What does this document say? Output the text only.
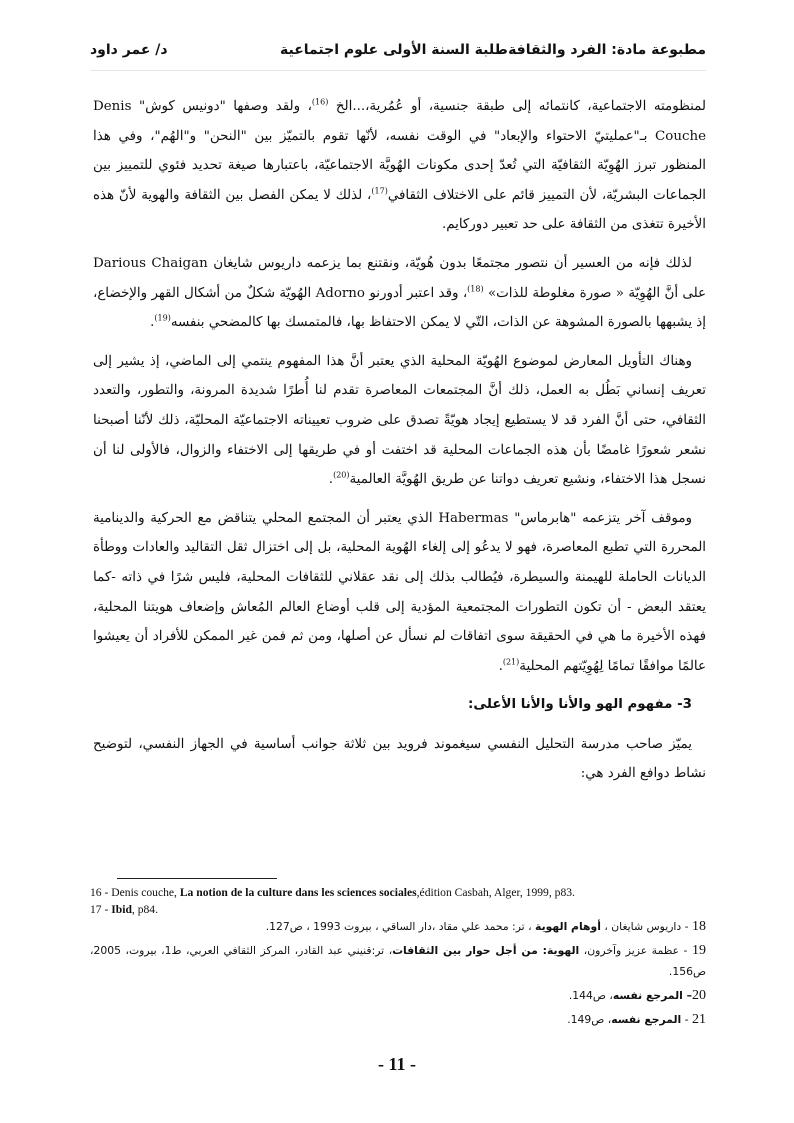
مطبوعة مادة: الفرد والثقافة
طلبة السنة الأولى علوم اجتماعية
د/ عمر داود

لمنظومته الاجتماعية، كانتمائه إلى طبقة جنسية، أو عُمُرية،...الخ $^{(16)}$، ولقد وصفها "دونيس كوش" Denis Couche بـ"عمليتيّ الاحتواء والإبعاد" في الوقت نفسه، لأنّها تقوم بالتميّز بين "النحن" و"الهُم"، وفي هذا المنظور تبرز الهُوِيّة الثقافيّة التي تُعدّ إحدى مكونات الهُويَّة الاجتماعيّة، باعتبارها صيغة تحديد فئوي للتمييز بين الجماعات البشريّة، لأن التمييز قائم على الاختلاف الثقافي$^{(17)}$، لذلك لا يمكن الفصل بين الثقافة والهوية لأنّ هذه الأخيرة تتغذى من الثقافة على حد تعبير دوركايم.

لذلك فإنه من العسير أن نتصور مجتمعًا بدون هُويّة، ونقتنع بما يزعمه داريوس شايغان Darious Chaigan على أنَّ الهُوِيّة « صورة مغلوطة للذات» $^{(18)}$، وقد اعتبر أدورنو Adorno الهُويّة شكلٌ من أشكال القهر والإخضاع، إذ يشبهها بالصورة المشوهة عن الذات، التّي لا يمكن الاحتفاظ بها، فالمتمسك بها كالمضحي بنفسه$^{(19)}$.

وهناك التأويل المعارض لموضوع الهُويّة المحلية الذي يعتبر أنَّ هذا المفهوم ينتمي إلى الماضي، إذ يشير إلى تعريف إنساني بَطُل به العمل، ذلك أنَّ المجتمعات المعاصرة تقدم لنا أُطرًا شديدة المرونة، والتطور، والتعدد الثقافي، حتى أنَّ الفرد قد لا يستطيع إيجاد هويّةً تصدق على ضروب تعييناته الاجتماعيّة المحليّة، ذلك لأنّنا أصبحنا نشعر شعورًا غامضًا بأن هذه الجماعات المحلية قد اختفت أو في طريقها إلى الاختفاء والزوال، فالأولى لنا أن نسجل هذا الاختفاء، ونشيع تعريف دواتنا عن طريق الهُويَّة العالمية$^{(20)}$.

وموقف آخر يتزعمه "هابرماس" Habermas الذي يعتبر أن المجتمع المحلي يتناقض مع الحركية والدينامية المحررة التي تطبع المعاصرة، فهو لا يدعُو إلى إلغاء الهُوية المحلية، بل إلى اختزال ثقل التقاليد والعادات ووطأة الديانات الحاملة للهيمنة والسيطرة، فيُطالب بذلك إلى نقد عقلاني للثقافات المحلية، فليس شرًا في ذاته -كما يعتقد البعض - أن تكون التطورات المجتمعية المؤدية إلى قلب أوضاع العالم المُعاش وإضعاف هويتنا المحلية، فهذه الأخيرة ما هي في الحقيقة سوى اتفاقات لم نسأل عن أصلها، ومن ثم فمن غير الممكن للأفراد أن يعيشوا عالمًا موافقًا تمامًا لِهُوِيّتهم المحلية$^{(21)}$.

3- مفهوم الهو والأنا والأنا الأعلى:

يميّز صاحب مدرسة التحليل النفسي سيغموند فرويد بين ثلاثة جوانب أساسية في الجهاز النفسي، لتوضيح نشاط دوافع الفرد هي:

16 - Denis couche, La notion de la culture dans les sciences sociales,édition Casbah, Alger, 1999, p83.
17 - Ibid, p84.
18 - داريوس شايغان ، أوهام الهوية ، تر: محمد علي مقاد ،دار الساقي ، بيروت 1993 ، ص127.
19 - عظمة عزيز وآخرون، الهوية: من أجل حوار بين الثقافات، تر:قنيني عبد القادر، المركز الثقافي العربي، ط1، بيروت، 2005، ص156.
20– المرجع نفسه، ص144.
21 - المرجع نفسه، ص149.
- 11 -
